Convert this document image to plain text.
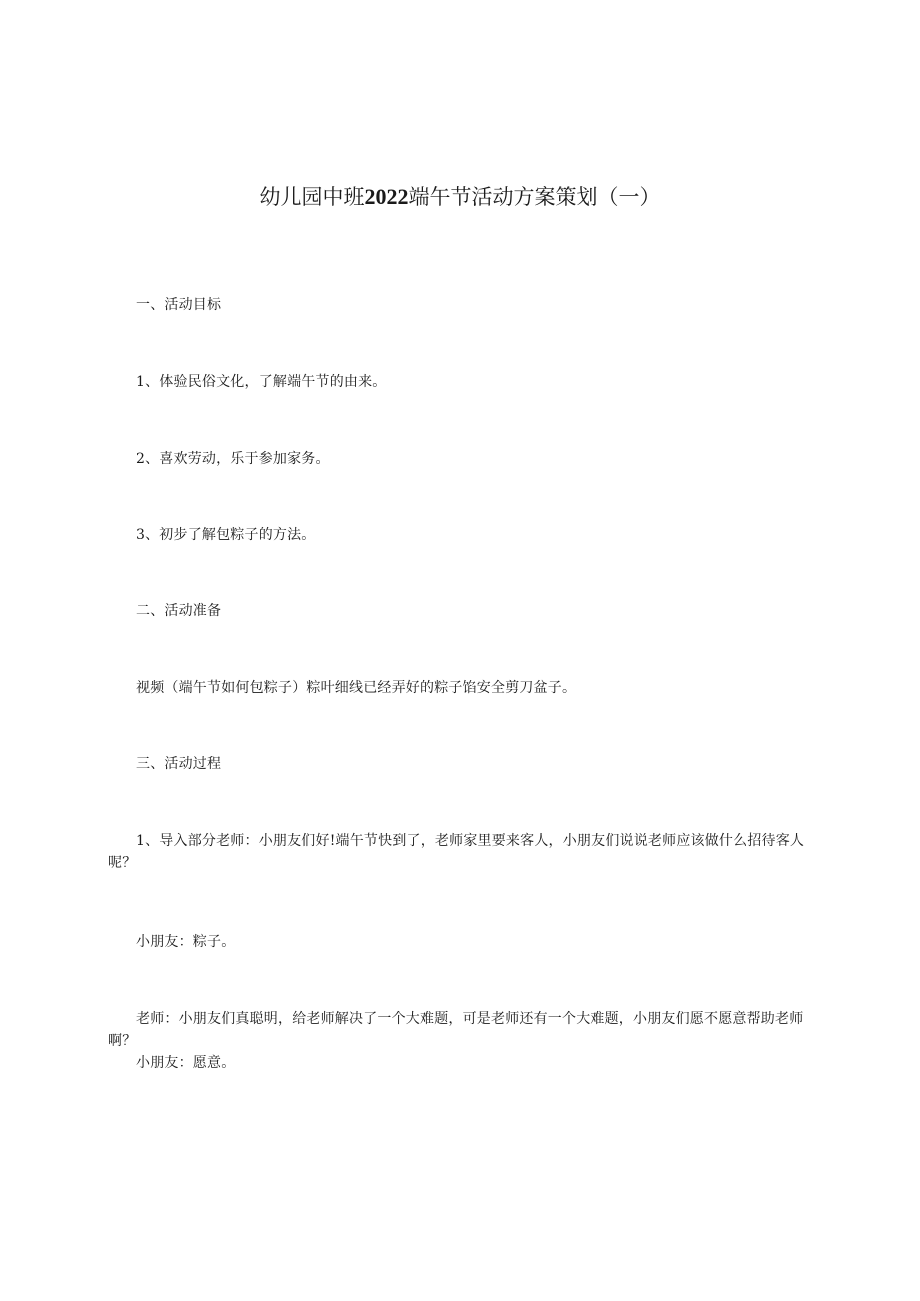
幼儿园中班2022端午节活动方案策划（一）
一、活动目标
1、体验民俗文化，了解端午节的由来。
2、喜欢劳动，乐于参加家务。
3、初步了解包粽子的方法。
二、活动准备
视频（端午节如何包粽子）粽叶细线已经弄好的粽子馅安全剪刀盆子。
三、活动过程
1、导入部分老师：小朋友们好!端午节快到了，老师家里要来客人，小朋友们说说老师应该做什么招待客人呢？
小朋友：粽子。
老师：小朋友们真聪明，给老师解决了一个大难题，可是老师还有一个大难题，小朋友们愿不愿意帮助老师啊？
小朋友：愿意。
